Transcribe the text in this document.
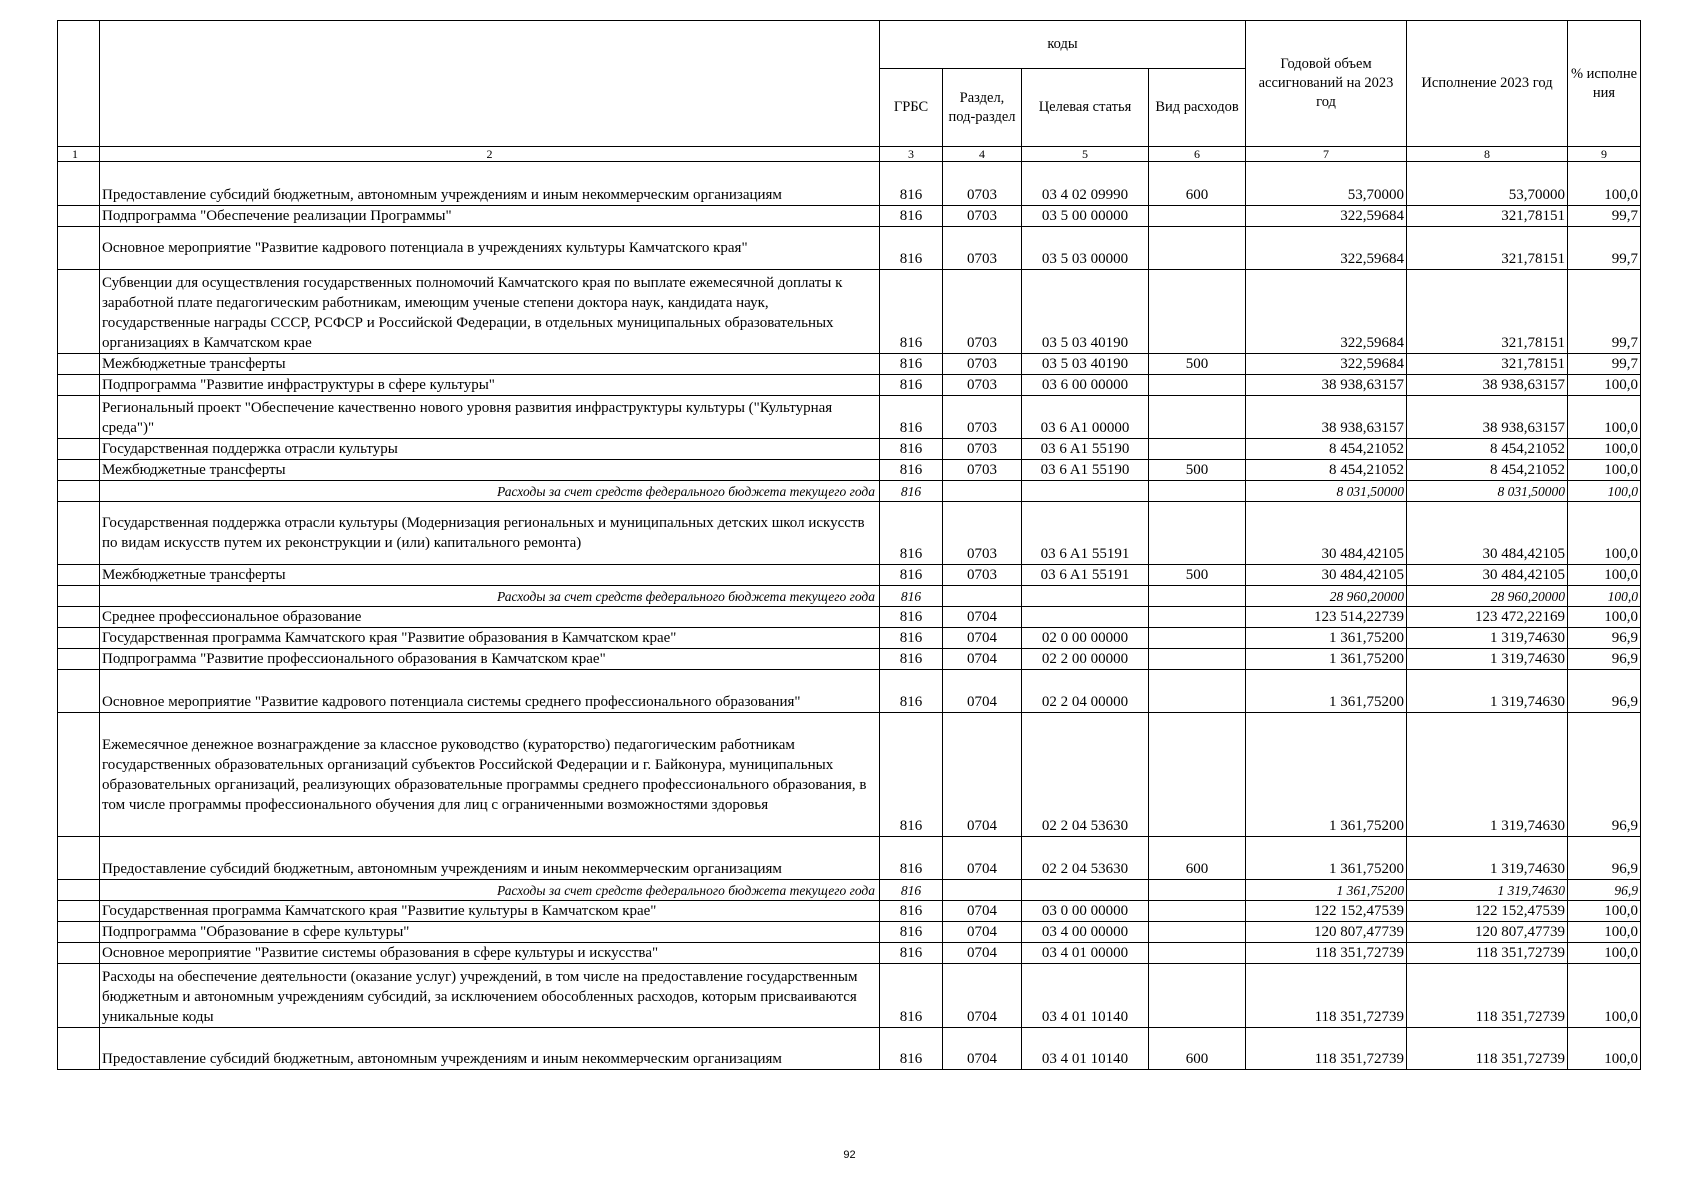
		коды				Годовой объем ассигнований на 2023 год	Исполнение 2023 год	% исполне ния
		ГРБС	Раздел, под-раздел	Целевая статья	Вид расходов			
1	2	3	4	5	6	7	8	9
	Предоставление субсидий бюджетным, автономным учреждениям и иным некоммерческим организациям	816	0703	03 4 02 09990	600	53,70000	53,70000	100,0
	Подпрограмма "Обеспечение реализации Программы"	816	0703	03 5 00 00000		322,59684	321,78151	99,7
	Основное мероприятие "Развитие кадрового потенциала в учреждениях культуры Камчатского края"	816	0703	03 5 03 00000		322,59684	321,78151	99,7
	Субвенции для осуществления государственных полномочий Камчатского края по выплате ежемесячной доплаты к заработной плате педагогическим работникам, имеющим ученые степени доктора наук, кандидата наук, государственные награды СССР, РСФСР и Российской Федерации, в отдельных муниципальных образовательных организациях в Камчатском крае	816	0703	03 5 03 40190		322,59684	321,78151	99,7
	Межбюджетные трансферты	816	0703	03 5 03 40190	500	322,59684	321,78151	99,7
	Подпрограмма "Развитие инфраструктуры в сфере культуры"	816	0703	03 6 00 00000		38 938,63157	38 938,63157	100,0
	Региональный проект "Обеспечение качественно нового уровня развития инфраструктуры культуры ("Культурная среда")"	816	0703	03 6 A1 00000		38 938,63157	38 938,63157	100,0
	Государственная поддержка отрасли культуры	816	0703	03 6 A1 55190		8 454,21052	8 454,21052	100,0
	Межбюджетные трансферты	816	0703	03 6 A1 55190	500	8 454,21052	8 454,21052	100,0
	Расходы за счет средств федерального бюджета текущего года	816				8 031,50000	8 031,50000	100,0
	Государственная поддержка отрасли культуры (Модернизация региональных и муниципальных детских школ искусств по видам искусств путем их реконструкции и (или) капитального ремонта)	816	0703	03 6 A1 55191		30 484,42105	30 484,42105	100,0
	Межбюджетные трансферты	816	0703	03 6 A1 55191	500	30 484,42105	30 484,42105	100,0
	Расходы за счет средств федерального бюджета текущего года	816				28 960,20000	28 960,20000	100,0
	Среднее профессиональное образование	816	0704			123 514,22739	123 472,22169	100,0
	Государственная программа Камчатского края "Развитие образования в Камчатском крае"	816	0704	02 0 00 00000		1 361,75200	1 319,74630	96,9
	Подпрограмма "Развитие профессионального образования в Камчатском крае"	816	0704	02 2 00 00000		1 361,75200	1 319,74630	96,9
	Основное мероприятие "Развитие кадрового потенциала системы среднего профессионального образования"	816	0704	02 2 04 00000		1 361,75200	1 319,74630	96,9
	Ежемесячное денежное вознаграждение за классное руководство (кураторство) педагогическим работникам государственных образовательных организаций субъектов Российской Федерации и г. Байконура, муниципальных образовательных организаций, реализующих образовательные программы среднего профессионального образования, в том числе программы профессионального обучения для лиц с ограниченными возможностями здоровья	816	0704	02 2 04 53630		1 361,75200	1 319,74630	96,9
	Предоставление субсидий бюджетным, автономным учреждениям и иным некоммерческим организациям	816	0704	02 2 04 53630	600	1 361,75200	1 319,74630	96,9
	Расходы за счет средств федерального бюджета текущего года	816				1 361,75200	1 319,74630	96,9
	Государственная программа Камчатского края "Развитие культуры в Камчатском крае"	816	0704	03 0 00 00000		122 152,47539	122 152,47539	100,0
	Подпрограмма "Образование в сфере культуры"	816	0704	03 4 00 00000		120 807,47739	120 807,47739	100,0
	Основное мероприятие "Развитие системы образования в сфере культуры и искусства"	816	0704	03 4 01 00000		118 351,72739	118 351,72739	100,0
	Расходы на обеспечение деятельности (оказание услуг) учреждений, в том числе на предоставление государственным бюджетным и автономным учреждениям субсидий, за исключением обособленных расходов, которым присваиваются уникальные коды	816	0704	03 4 01 10140		118 351,72739	118 351,72739	100,0
	Предоставление субсидий бюджетным, автономным учреждениям и иным некоммерческим организациям	816	0704	03 4 01 10140	600	118 351,72739	118 351,72739	100,0
92
